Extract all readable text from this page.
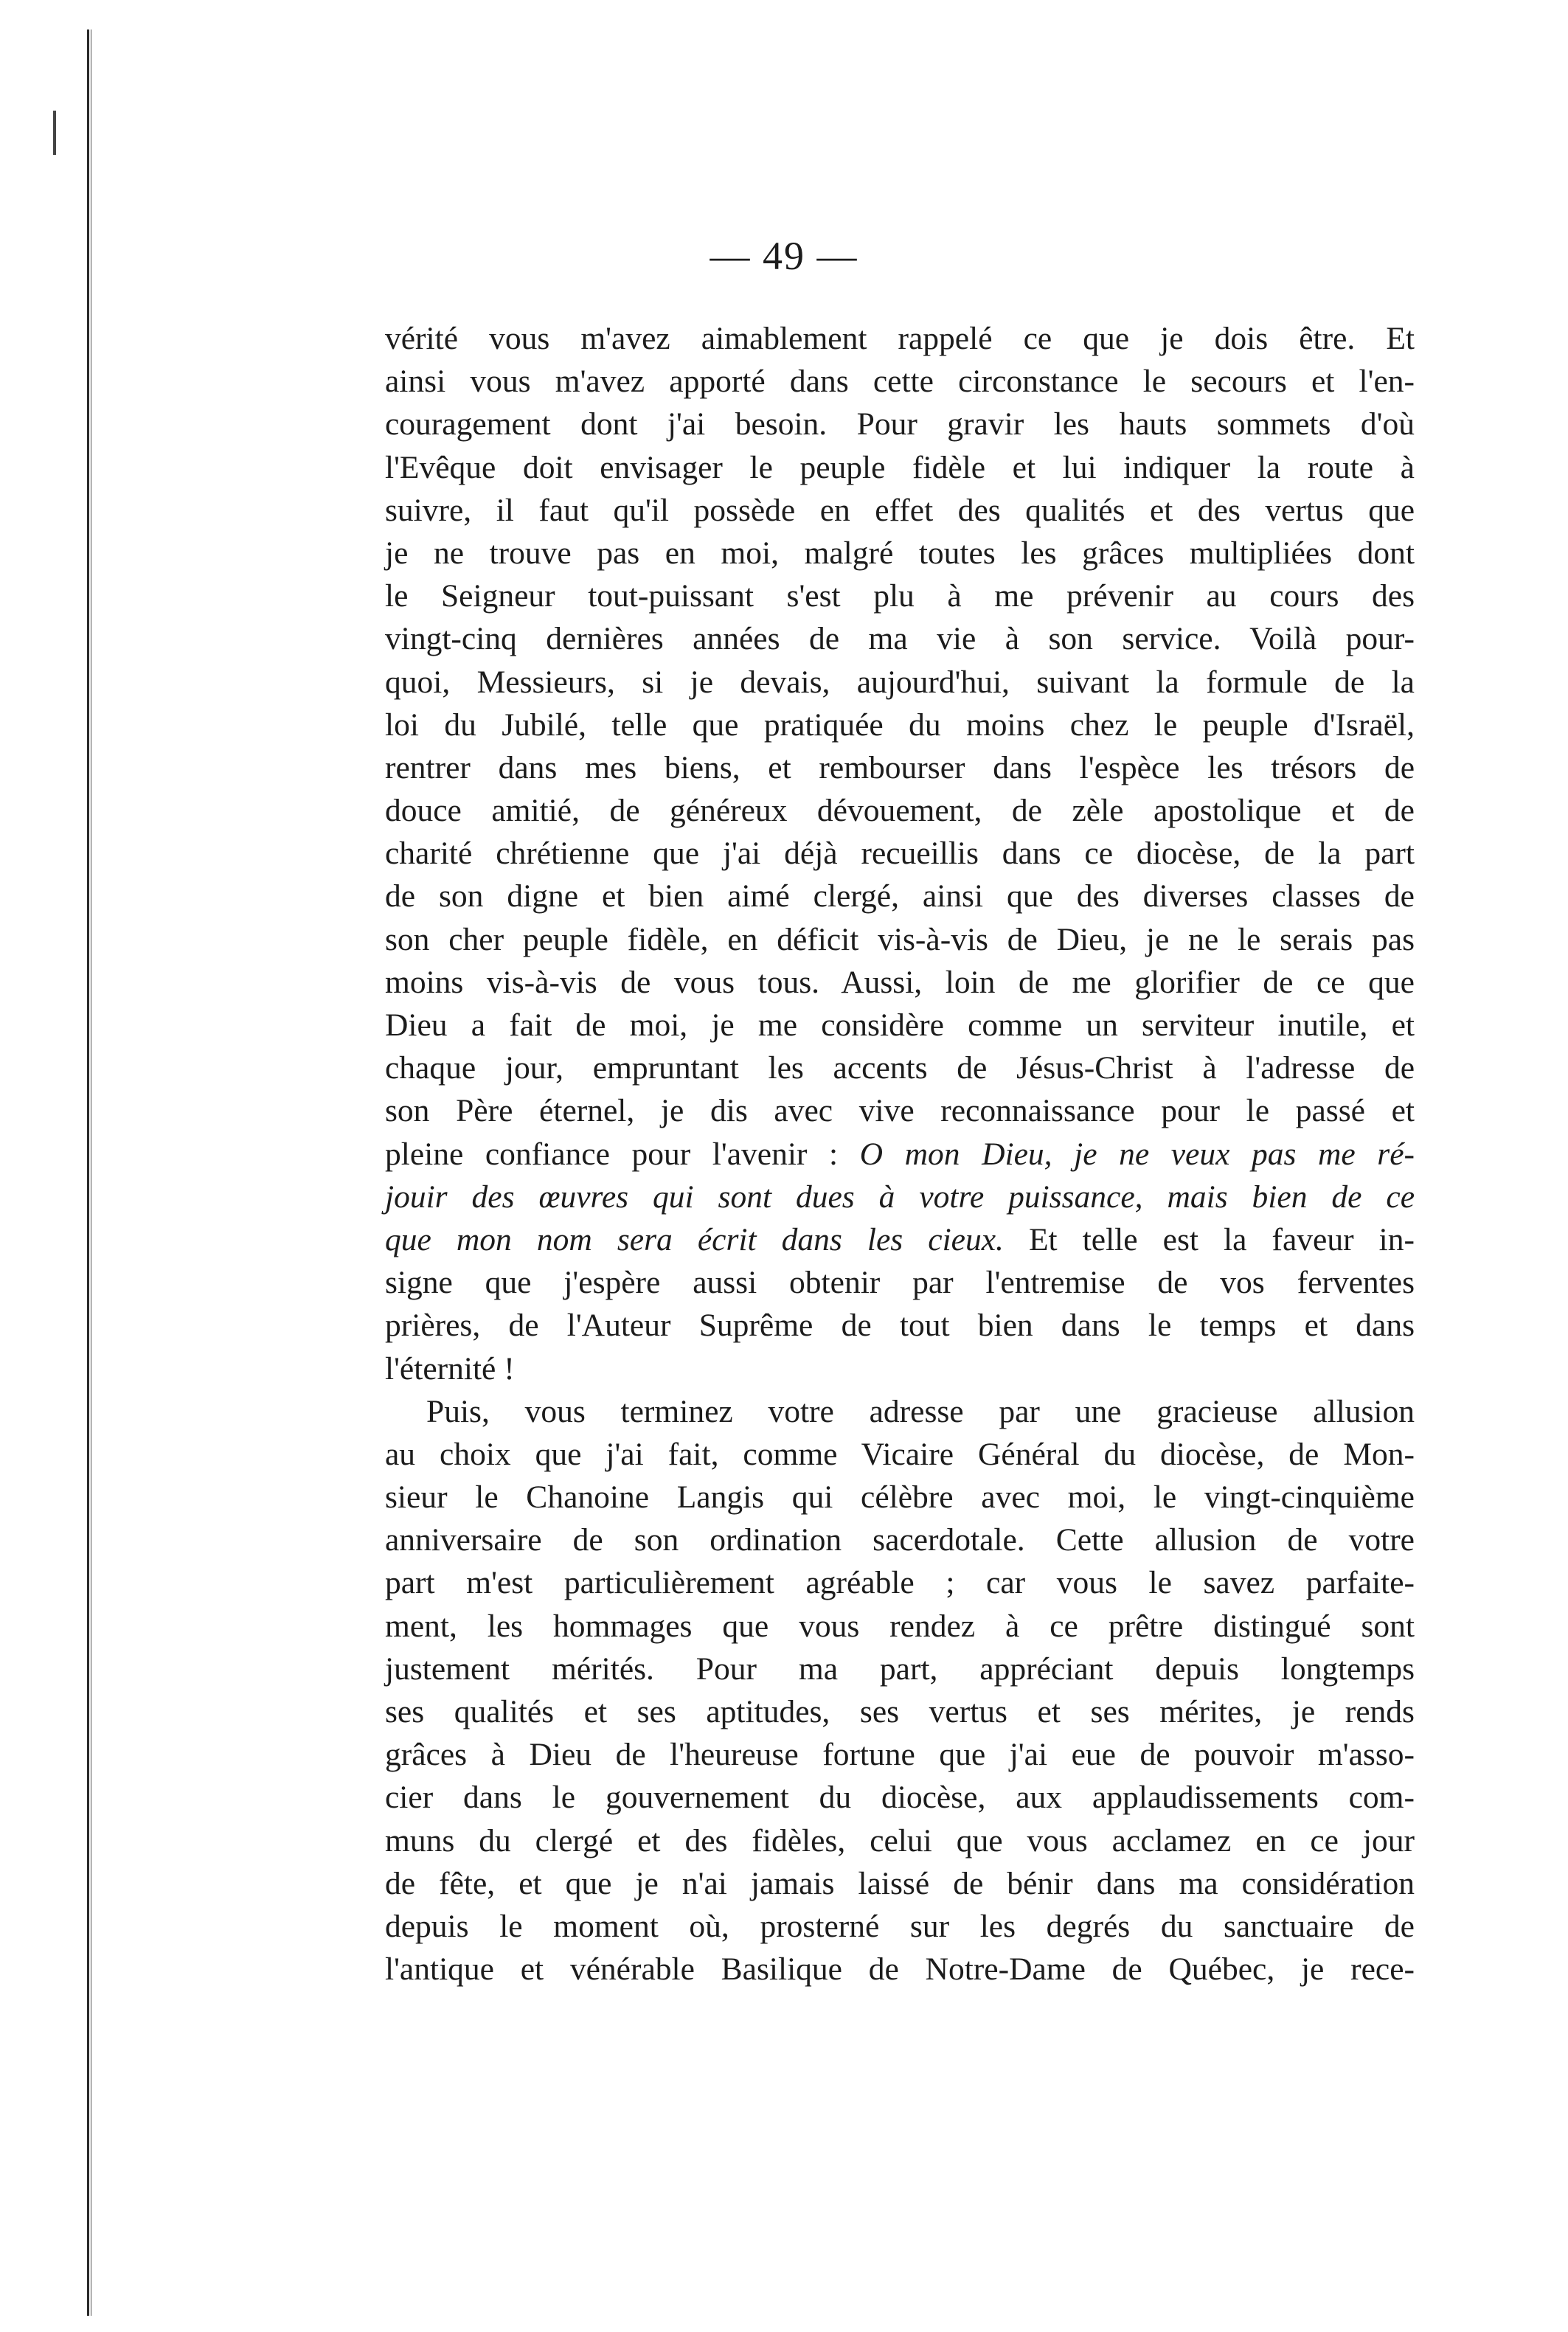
— 49 —
vérité vous m'avez aimablement rappelé ce que je dois être. Et
ainsi vous m'avez apporté dans cette circonstance le secours et l'en-
couragement dont j'ai besoin. Pour gravir les hauts sommets d'où
l'Evêque doit envisager le peuple fidèle et lui indiquer la route à
suivre, il faut qu'il possède en effet des qualités et des vertus que
je ne trouve pas en moi, malgré toutes les grâces multipliées dont
le Seigneur tout-puissant s'est plu à me prévenir au cours des
vingt-cinq dernières années de ma vie à son service. Voilà pour-
quoi, Messieurs, si je devais, aujourd'hui, suivant la formule de la
loi du Jubilé, telle que pratiquée du moins chez le peuple d'Israël,
rentrer dans mes biens, et rembourser dans l'espèce les trésors de
douce amitié, de généreux dévouement, de zèle apostolique et de
charité chrétienne que j'ai déjà recueillis dans ce diocèse, de la part
de son digne et bien aimé clergé, ainsi que des diverses classes de
son cher peuple fidèle, en déficit vis-à-vis de Dieu, je ne le serais pas
moins vis-à-vis de vous tous. Aussi, loin de me glorifier de ce que
Dieu a fait de moi, je me considère comme un serviteur inutile, et
chaque jour, empruntant les accents de Jésus-Christ à l'adresse de
son Père éternel, je dis avec vive reconnaissance pour le passé et
pleine confiance pour l'avenir : O mon Dieu, je ne veux pas me ré-
jouir des œuvres qui sont dues à votre puissance, mais bien de ce
que mon nom sera écrit dans les cieux. Et telle est la faveur in-
signe que j'espère aussi obtenir par l'entremise de vos ferventes
prières, de l'Auteur Suprême de tout bien dans le temps et dans
l'éternité !
Puis, vous terminez votre adresse par une gracieuse allusion
au choix que j'ai fait, comme Vicaire Général du diocèse, de Mon-
sieur le Chanoine Langis qui célèbre avec moi, le vingt-cinquième
anniversaire de son ordination sacerdotale. Cette allusion de votre
part m'est particulièrement agréable ; car vous le savez parfaite-
ment, les hommages que vous rendez à ce prêtre distingué sont
justement mérités. Pour ma part, appréciant depuis longtemps
ses qualités et ses aptitudes, ses vertus et ses mérites, je rends
grâces à Dieu de l'heureuse fortune que j'ai eue de pouvoir m'asso-
cier dans le gouvernement du diocèse, aux applaudissements com-
muns du clergé et des fidèles, celui que vous acclamez en ce jour
de fête, et que je n'ai jamais laissé de bénir dans ma considération
depuis le moment où, prosterné sur les degrés du sanctuaire de
l'antique et vénérable Basilique de Notre-Dame de Québec, je rece-
